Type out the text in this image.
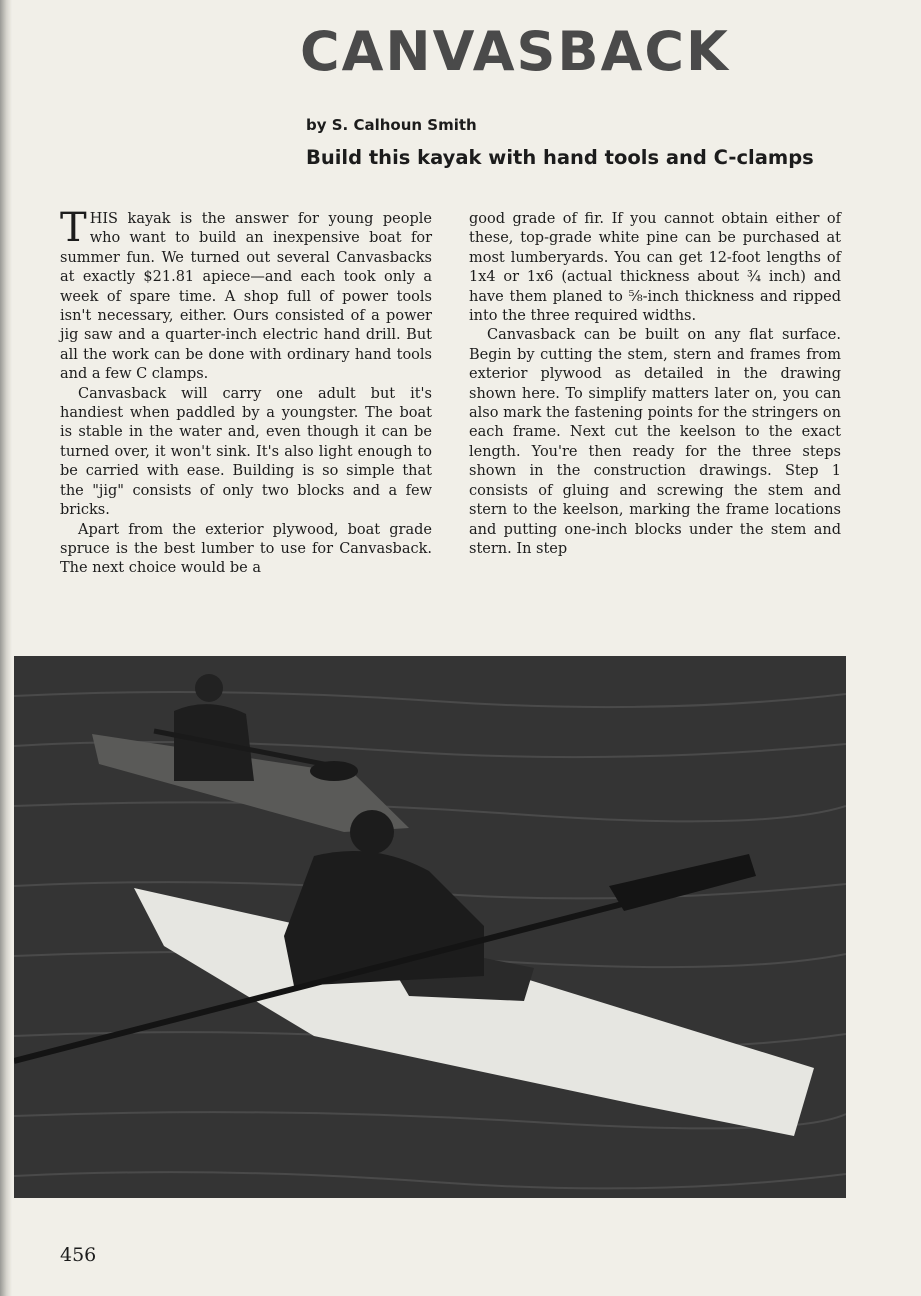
CANVASBACK
by S. Calhoun Smith
Build this kayak with hand tools and C-clamps

THIS kayak is the answer for young people who want to build an inexpensive boat for summer fun. We turned out several Canvasbacks at exactly $21.81 apiece—and each took only a week of spare time. A shop full of power tools isn't necessary, either. Ours consisted of a power jig saw and a quarter-inch electric hand drill. But all the work can be done with ordinary hand tools and a few C clamps.

Canvasback will carry one adult but it's handiest when paddled by a youngster. The boat is stable in the water and, even though it can be turned over, it won't sink. It's also light enough to be carried with ease. Building is so simple that the "jig" consists of only two blocks and a few bricks.

Apart from the exterior plywood, boat grade spruce is the best lumber to use for Canvasback. The next choice would be a

good grade of fir. If you cannot obtain either of these, top-grade white pine can be purchased at most lumberyards. You can get 12-foot lengths of 1x4 or 1x6 (actual thickness about ¾ inch) and have them planed to ⅝-inch thickness and ripped into the three required widths.

Canvasback can be built on any flat surface. Begin by cutting the stem, stern and frames from exterior plywood as detailed in the drawing shown here. To simplify matters later on, you can also mark the fastening points for the stringers on each frame. Next cut the keelson to the exact length. You're then ready for the three steps shown in the construction drawings. Step 1 consists of gluing and screwing the stem and stern to the keelson, marking the frame locations and putting one-inch blocks under the stem and stern. In step

456
